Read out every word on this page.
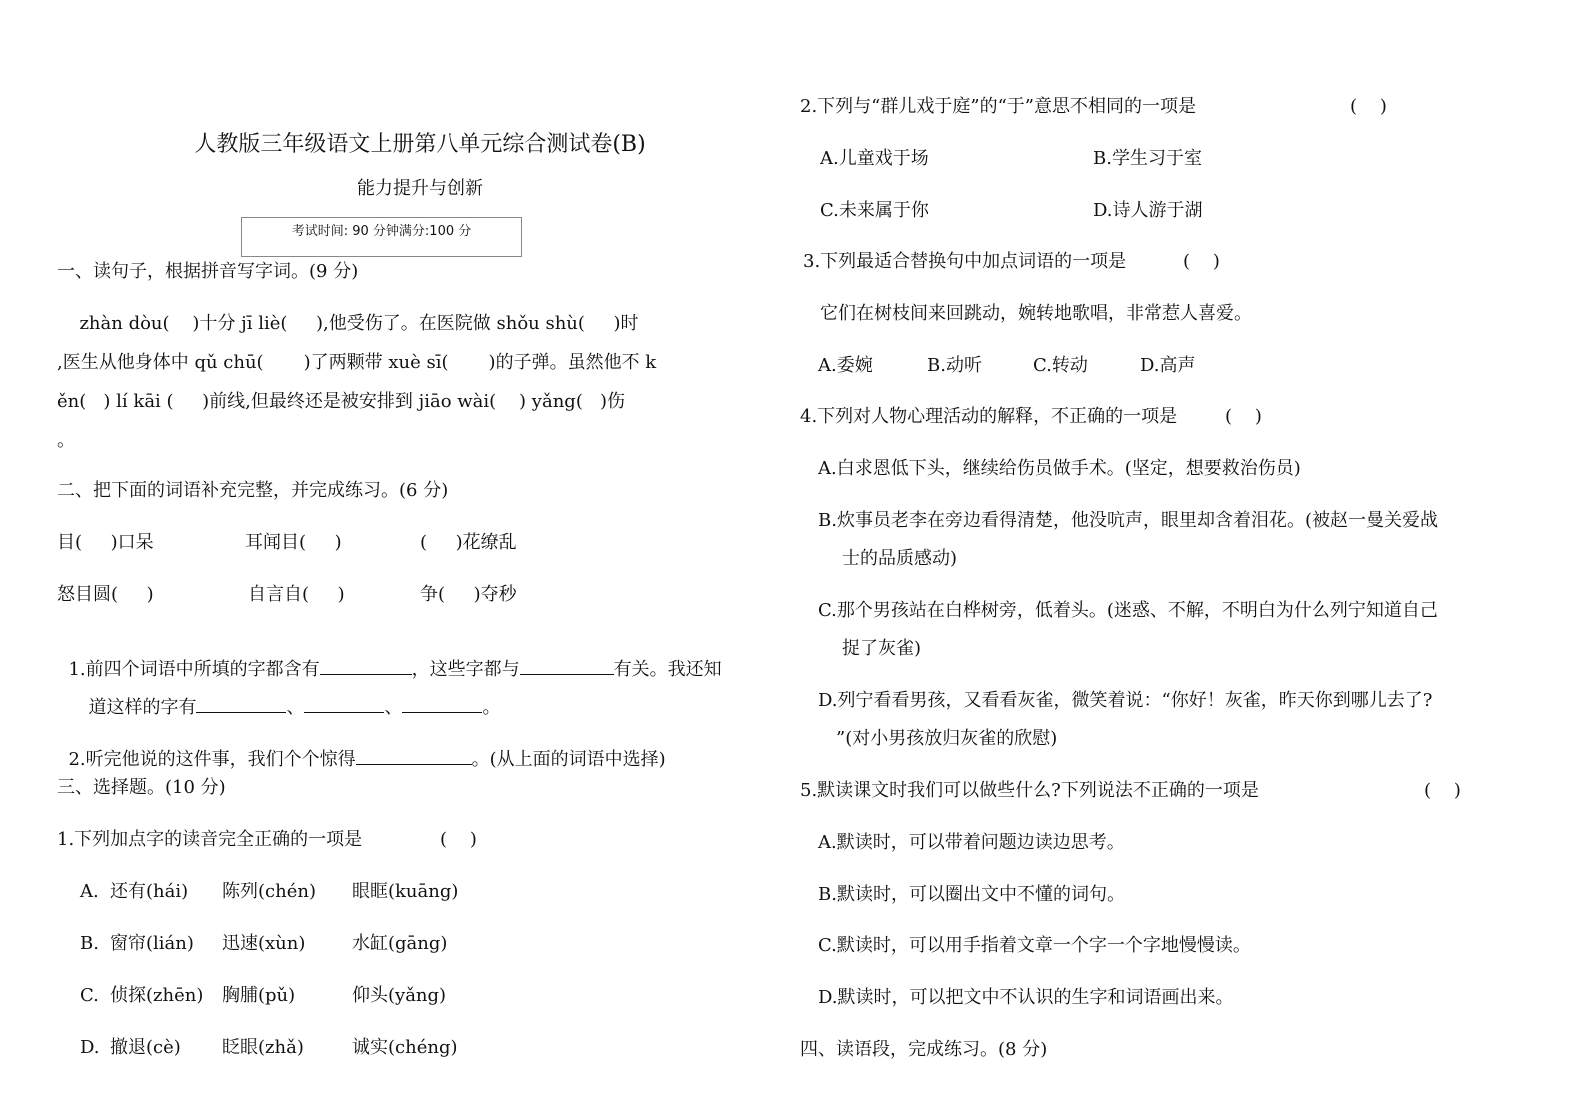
人教版三年级语文上册第八单元综合测试卷(B)
能力提升与创新
考试时间: 90 分钟满分:100 分
一、读句子，根据拼音写字词。(9 分)
zhàn dòu(    )十分 jī liè(     ),他受伤了。在医院做 shǒu shù(     )时
,医生从他身体中 qǔ chū(       )了两颗带 xuè sī(       )的子弹。虽然他不 k
ěn(   ) lí kāi (     )前线,但最终还是被安排到 jiāo wài(    ) yǎng(   )伤
。
二、把下面的词语补充完整，并完成练习。(6 分)
目(     )口呆	耳闻目(     )	(     )花缭乱
怒目圆(     )	自言自(     )	争(     )夺秒

1.前四个词语中所填的字都含有	，这些字都与	有关。我还知

道这样的字有	、	、	。

2.听完他说的这件事，我们个个惊得	。(从上面的词语中选择)

三、选择题。(10 分)
1.下列加点字的读音完全正确的一项是	(    )
A. 还有(hái) 陈列(chén) 眼眶(kuāng)
B. 窗帘(lián) 迅速(xùn)	水缸(gāng)
C. 侦探(zhēn) 胸脯(pǔ)	仰头(yǎng)
D. 撤退(cè) 眨眼(zhǎ)	诚实(chéng)
2.下列与“群儿戏于庭”的“于”意思不相同的一项是	(    )
A.儿童戏于场	B.学生习于室
C.未来属于你	D.诗人游于湖
3.下列最适合替换句中加点词语的一项是	(    )
它们在树枝间来回跳动，婉转地歌唱，非常惹人喜爱。
A.委婉	B.动听	C.转动	D.高声
4.下列对人物心理活动的解释，不正确的一项是	(    )
A.白求恩低下头，继续给伤员做手术。(坚定，想要救治伤员)
B.炊事员老李在旁边看得清楚，他没吭声，眼里却含着泪花。(被赵一曼关爱战
士的品质感动)
C.那个男孩站在白桦树旁，低着头。(迷惑、不解，不明白为什么列宁知道自己
捉了灰雀)
D.列宁看看男孩，又看看灰雀，微笑着说：“你好！灰雀，昨天你到哪儿去了?
”(对小男孩放归灰雀的欣慰)
5.默读课文时我们可以做些什么?下列说法不正确的一项是	(    )
A.默读时，可以带着问题边读边思考。
B.默读时，可以圈出文中不懂的词句。
C.默读时，可以用手指着文章一个字一个字地慢慢读。
D.默读时，可以把文中不认识的生字和词语画出来。
四、读语段，完成练习。(8 分)
